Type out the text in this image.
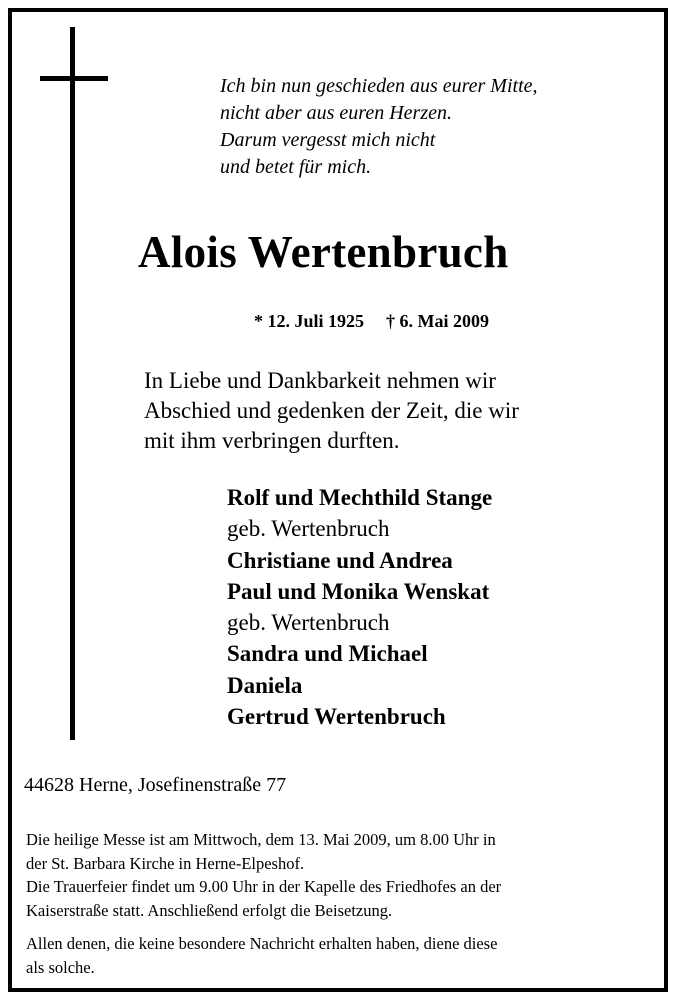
Ich bin nun geschieden aus eurer Mitte,
nicht aber aus euren Herzen.
Darum vergesst mich nicht
und betet für mich.
Alois Wertenbruch
* 12. Juli 1925 † 6. Mai 2009
In Liebe und Dankbarkeit nehmen wir
Abschied und gedenken der Zeit, die wir
mit ihm verbringen durften.
Rolf und Mechthild Stange
geb. Wertenbruch
Christiane und Andrea
Paul und Monika Wenskat
geb. Wertenbruch
Sandra und Michael
Daniela
Gertrud Wertenbruch
44628 Herne, Josefinenstraße 77
Die heilige Messe ist am Mittwoch, dem 13. Mai 2009, um 8.00 Uhr in
der St. Barbara Kirche in Herne-Elpeshof.
Die Trauerfeier findet um 9.00 Uhr in der Kapelle des Friedhofes an der
Kaiserstraße statt. Anschließend erfolgt die Beisetzung.
Allen denen, die keine besondere Nachricht erhalten haben, diene diese
als solche.
